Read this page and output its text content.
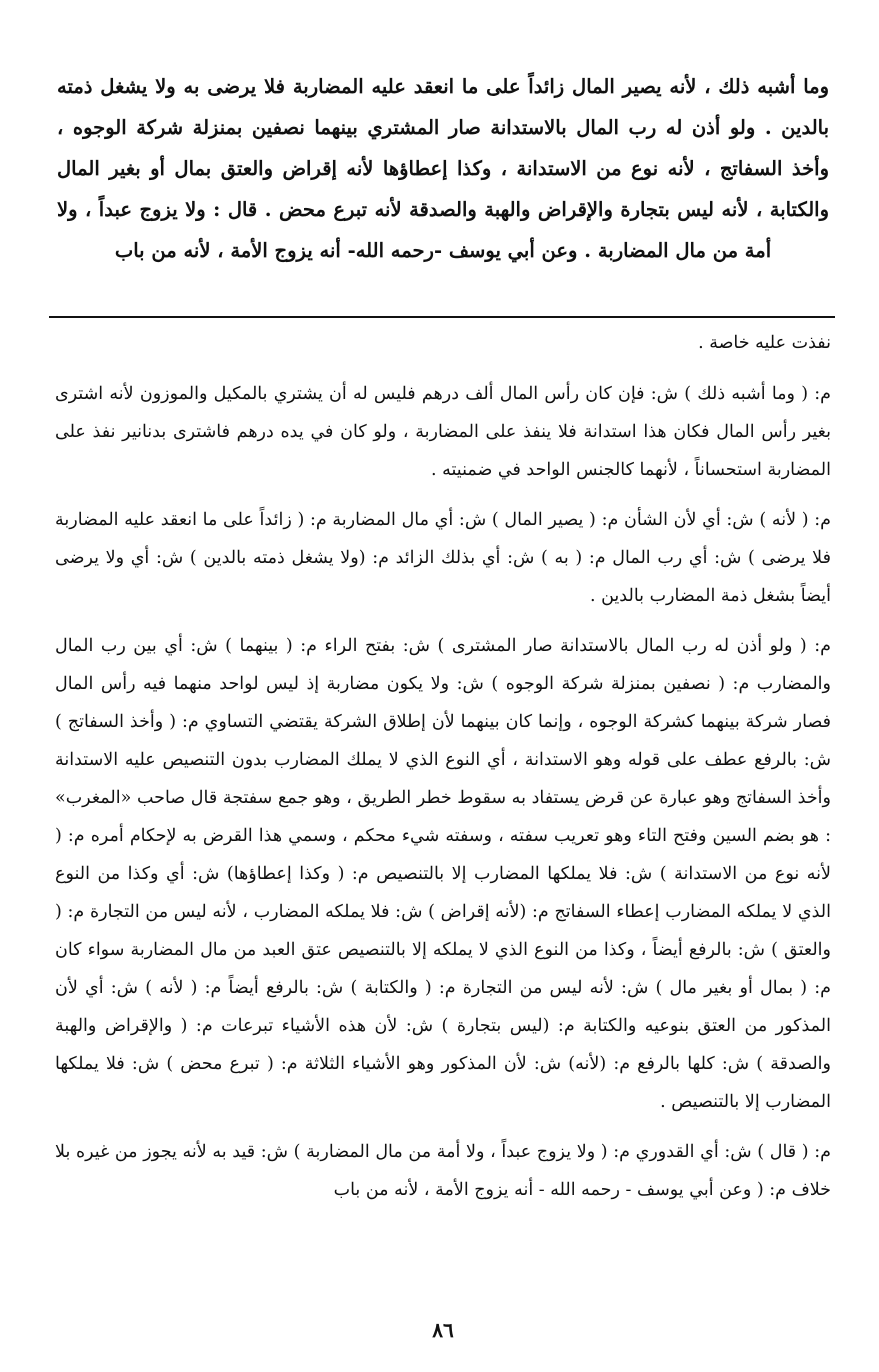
وما أشبه ذلك ، لأنه يصير المال زائداً على ما انعقد عليه المضاربة فلا يرضى به ولا يشغل ذمته بالدين . ولو أذن له رب المال بالاستدانة صار المشتري بينهما نصفين بمنزلة شركة الوجوه ، وأخذ السفاتج ، لأنه نوع من الاستدانة ، وكذا إعطاؤها لأنه إقراض والعتق بمال أو بغير المال والكتابة ، لأنه ليس بتجارة والإقراض والهبة والصدقة لأنه تبرع محض . قال : ولا يزوج عبداً ، ولا أمة من مال المضاربة . وعن أبي يوسف -رحمه الله- أنه يزوج الأمة ، لأنه من باب

نفذت عليه خاصة .

م: ( وما أشبه ذلك ) ش: فإن كان رأس المال ألف درهم فليس له أن يشتري بالمكيل والموزون لأنه اشترى بغير رأس المال فكان هذا استدانة فلا ينفذ على المضاربة ، ولو كان في يده درهم فاشترى بدنانير نفذ على المضاربة استحساناً ، لأنهما كالجنس الواحد في ضمنيته .

م: ( لأنه ) ش: أي لأن الشأن م: ( يصير المال ) ش: أي مال المضاربة م: ( زائداً على ما انعقد عليه المضاربة فلا يرضى ) ش: أي رب المال م: ( به ) ش: أي بذلك الزائد م: (ولا يشغل ذمته بالدين ) ش: أي ولا يرضى أيضاً بشغل ذمة المضارب بالدين .

م: ( ولو أذن له رب المال بالاستدانة صار المشترى ) ش: بفتح الراء م: ( بينهما ) ش: أي بين رب المال والمضارب م: ( نصفين بمنزلة شركة الوجوه ) ش: ولا يكون مضاربة إذ ليس لواحد منهما فيه رأس المال فصار شركة بينهما كشركة الوجوه ، وإنما كان بينهما لأن إطلاق الشركة يقتضي التساوي م: ( وأخذ السفاتج ) ش: بالرفع عطف على قوله وهو الاستدانة ، أي النوع الذي لا يملك المضارب بدون التنصيص عليه الاستدانة وأخذ السفاتج وهو عبارة عن قرض يستفاد به سقوط خطر الطريق ، وهو جمع سفتجة قال صاحب «المغرب» : هو بضم السين وفتح التاء وهو تعريب سفته ، وسفته شيء محكم ، وسمي هذا القرض به لإحكام أمره م: ( لأنه نوع من الاستدانة ) ش: فلا يملكها المضارب إلا بالتنصيص م: ( وكذا إعطاؤها) ش: أي وكذا من النوع الذي لا يملكه المضارب إعطاء السفاتج م: (لأنه إقراض ) ش: فلا يملكه المضارب ، لأنه ليس من التجارة م: ( والعتق ) ش: بالرفع أيضاً ، وكذا من النوع الذي لا يملكه إلا بالتنصيص عتق العبد من مال المضاربة سواء كان م: ( بمال أو بغير مال ) ش: لأنه ليس من التجارة م: ( والكتابة ) ش: بالرفع أيضاً م: ( لأنه ) ش: أي لأن المذكور من العتق بنوعيه والكتابة م: (ليس بتجارة ) ش: لأن هذه الأشياء تبرعات م: ( والإقراض والهبة والصدقة ) ش: كلها بالرفع م: (لأنه) ش: لأن المذكور وهو الأشياء الثلاثة م: ( تبرع محض ) ش: فلا يملكها المضارب إلا بالتنصيص .

م: ( قال ) ش: أي القدوري م: ( ولا يزوج عبداً ، ولا أمة من مال المضاربة ) ش: قيد به لأنه يجوز من غيره بلا خلاف م: ( وعن أبي يوسف - رحمه الله - أنه يزوج الأمة ، لأنه من باب

٨٦
